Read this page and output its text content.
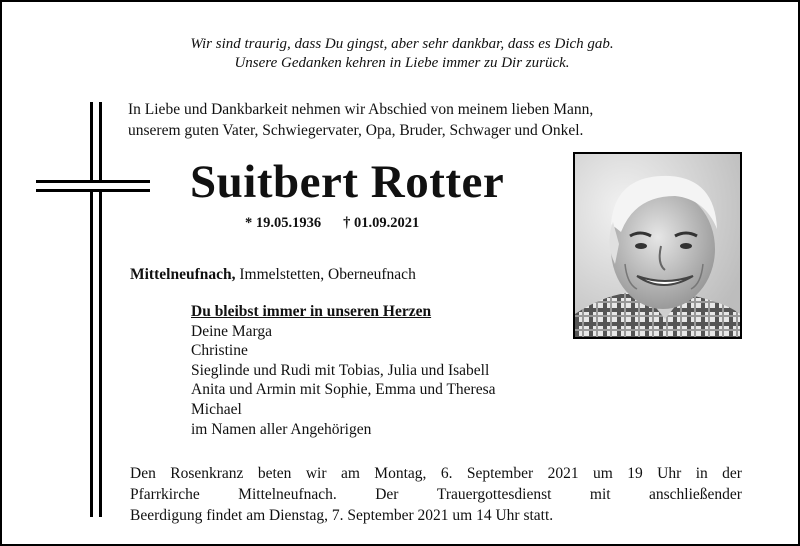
Wir sind traurig, dass Du gingst, aber sehr dankbar, dass es Dich gab.
Unsere Gedanken kehren in Liebe immer zu Dir zurück.
In Liebe und Dankbarkeit nehmen wir Abschied von meinem lieben Mann,
unserem guten Vater, Schwiegervater, Opa, Bruder, Schwager und Onkel.
Suitbert Rotter
* 19.05.1936 † 01.09.2021
Mittelneufnach, Immelstetten, Oberneufnach
Du bleibst immer in unseren Herzen
Deine Marga
Christine
Sieglinde und Rudi mit Tobias, Julia und Isabell
Anita und Armin mit Sophie, Emma und Theresa
Michael
im Namen aller Angehörigen
Den Rosenkranz beten wir am Montag, 6. September 2021 um 19 Uhr in der
Pfarrkirche Mittelneufnach. Der Trauergottesdienst mit anschließender
Beerdigung findet am Dienstag, 7. September 2021 um 14 Uhr statt.
